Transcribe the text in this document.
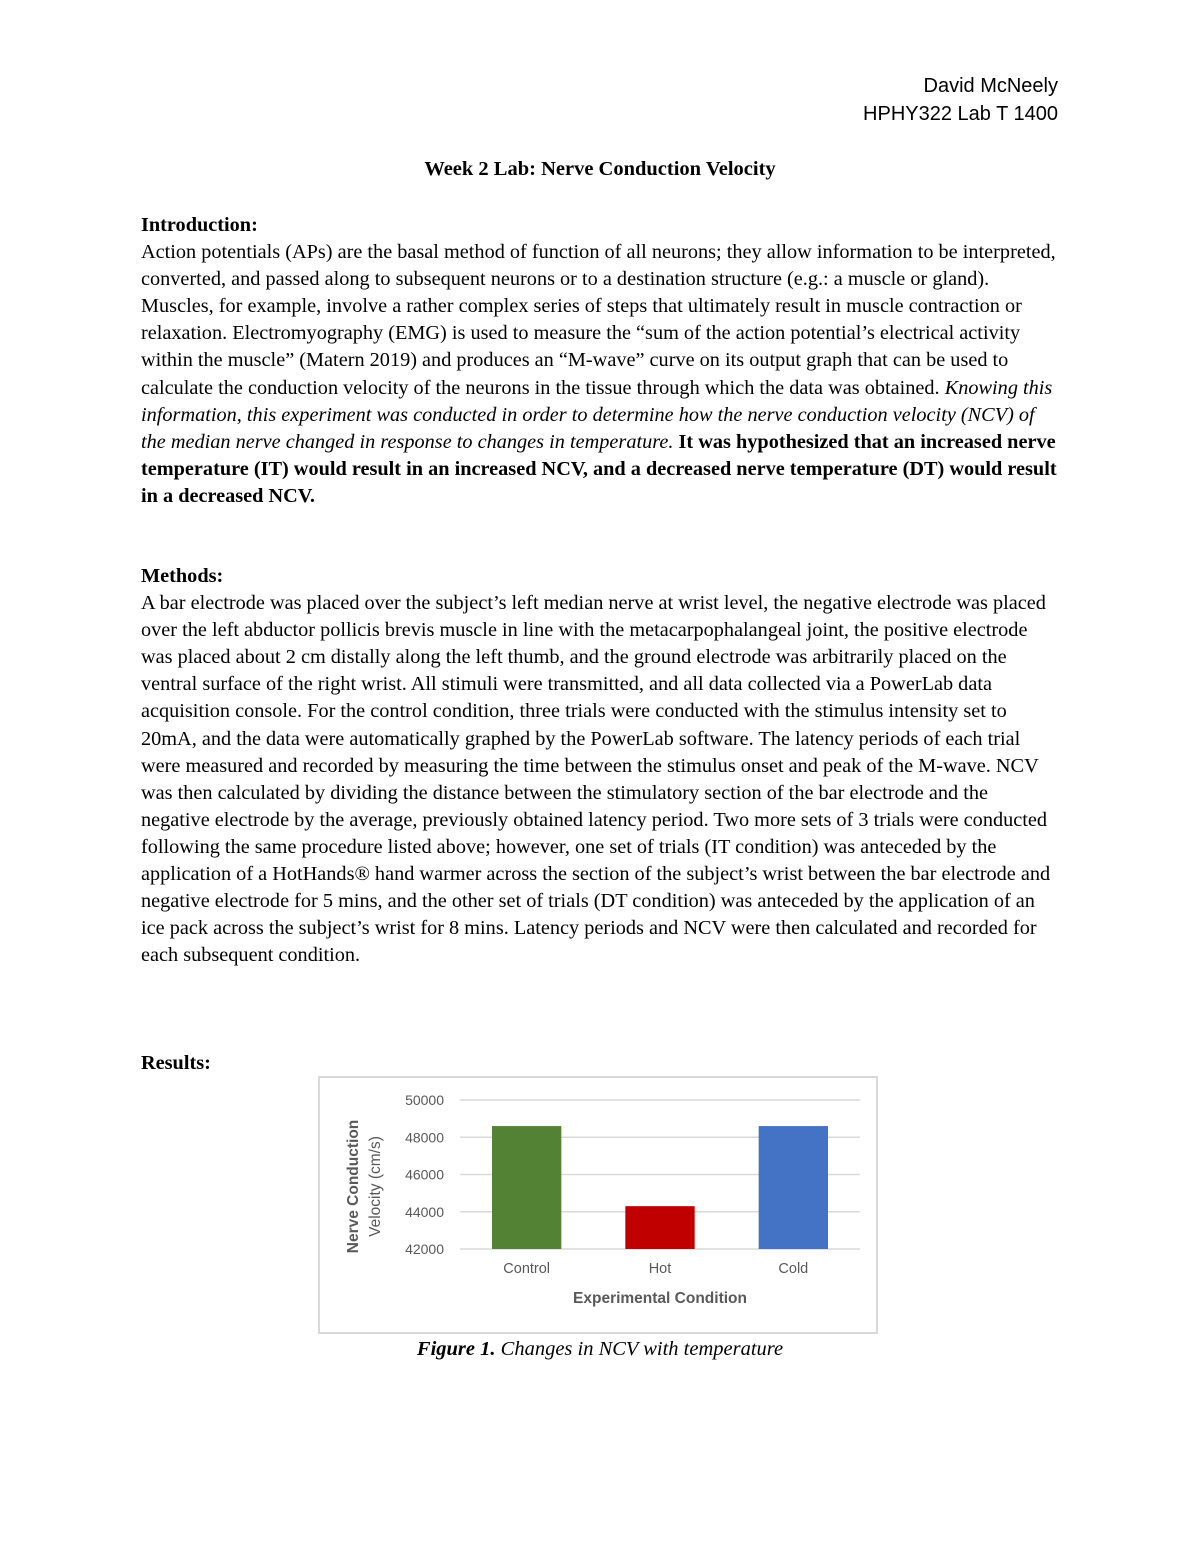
David McNeely
HPHY322 Lab T 1400
Week 2 Lab: Nerve Conduction Velocity
Introduction:
Action potentials (APs) are the basal method of function of all neurons; they allow information to be interpreted, converted, and passed along to subsequent neurons or to a destination structure (e.g.: a muscle or gland). Muscles, for example, involve a rather complex series of steps that ultimately result in muscle contraction or relaxation. Electromyography (EMG) is used to measure the “sum of the action potential’s electrical activity within the muscle” (Matern 2019) and produces an “M-wave” curve on its output graph that can be used to calculate the conduction velocity of the neurons in the tissue through which the data was obtained. Knowing this information, this experiment was conducted in order to determine how the nerve conduction velocity (NCV) of the median nerve changed in response to changes in temperature. It was hypothesized that an increased nerve temperature (IT) would result in an increased NCV, and a decreased nerve temperature (DT) would result in a decreased NCV.
Methods:
A bar electrode was placed over the subject’s left median nerve at wrist level, the negative electrode was placed over the left abductor pollicis brevis muscle in line with the metacarpophalangeal joint, the positive electrode was placed about 2 cm distally along the left thumb, and the ground electrode was arbitrarily placed on the ventral surface of the right wrist. All stimuli were transmitted, and all data collected via a PowerLab data acquisition console. For the control condition, three trials were conducted with the stimulus intensity set to 20mA, and the data were automatically graphed by the PowerLab software. The latency periods of each trial were measured and recorded by measuring the time between the stimulus onset and peak of the M-wave. NCV was then calculated by dividing the distance between the stimulatory section of the bar electrode and the negative electrode by the average, previously obtained latency period. Two more sets of 3 trials were conducted following the same procedure listed above; however, one set of trials (IT condition) was anteceded by the application of a HotHands® hand warmer across the section of the subject’s wrist between the bar electrode and negative electrode for 5 mins, and the other set of trials (DT condition) was anteceded by the application of an ice pack across the subject’s wrist for 8 mins. Latency periods and NCV were then calculated and recorded for each subsequent condition.
Results:
42000
44000
46000
48000
50000
Control	Hot	Cold
Experimental Condition
Nerve Conduction Velocity (cm/s)
Figure 1. Changes in NCV with temperature
